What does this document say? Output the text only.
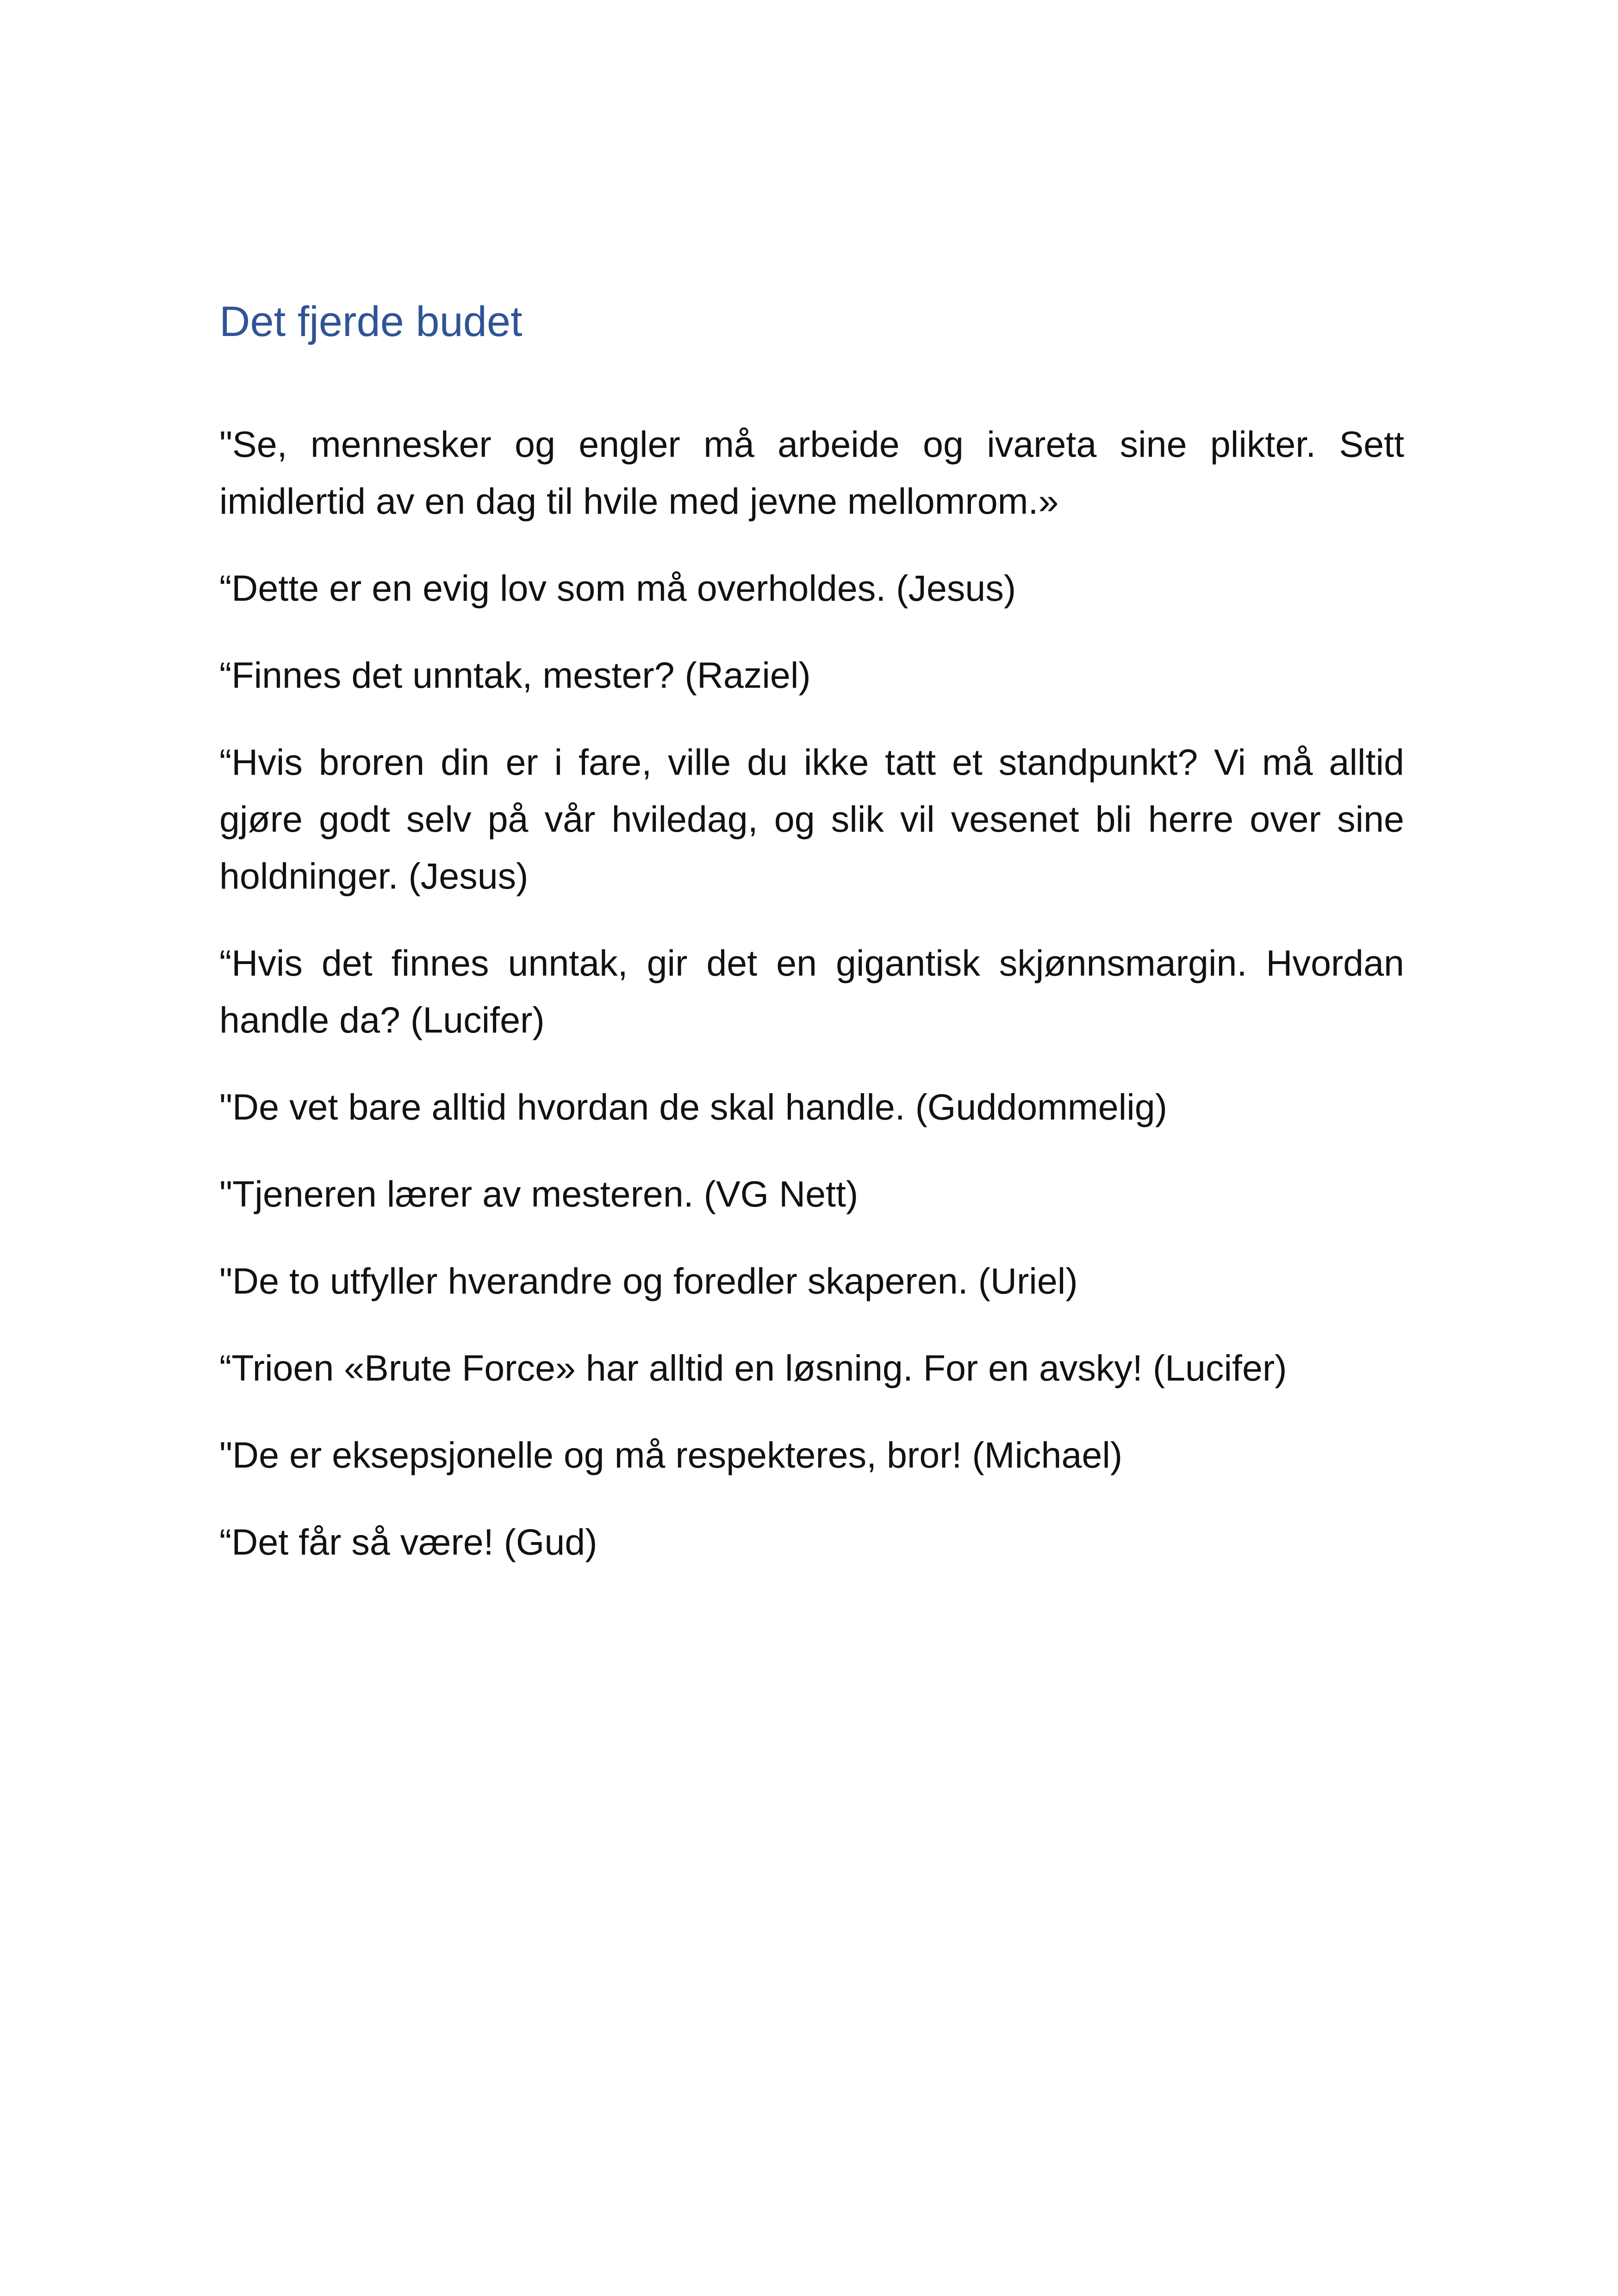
Det fjerde budet

"Se, mennesker og engler må arbeide og ivareta sine plikter. Sett imidlertid av en dag til hvile med jevne mellomrom.»

“Dette er en evig lov som må overholdes. (Jesus)

“Finnes det unntak, mester? (Raziel)

“Hvis broren din er i fare, ville du ikke tatt et standpunkt? Vi må alltid gjøre godt selv på vår hviledag, og slik vil vesenet bli herre over sine holdninger. (Jesus)

“Hvis det finnes unntak, gir det en gigantisk skjønnsmargin. Hvordan handle da? (Lucifer)

"De vet bare alltid hvordan de skal handle. (Guddommelig)

"Tjeneren lærer av mesteren. (VG Nett)

"De to utfyller hverandre og foredler skaperen. (Uriel)

“Trioen «Brute Force» har alltid en løsning. For en avsky! (Lucifer)

"De er eksepsjonelle og må respekteres, bror! (Michael)

“Det får så være! (Gud)
